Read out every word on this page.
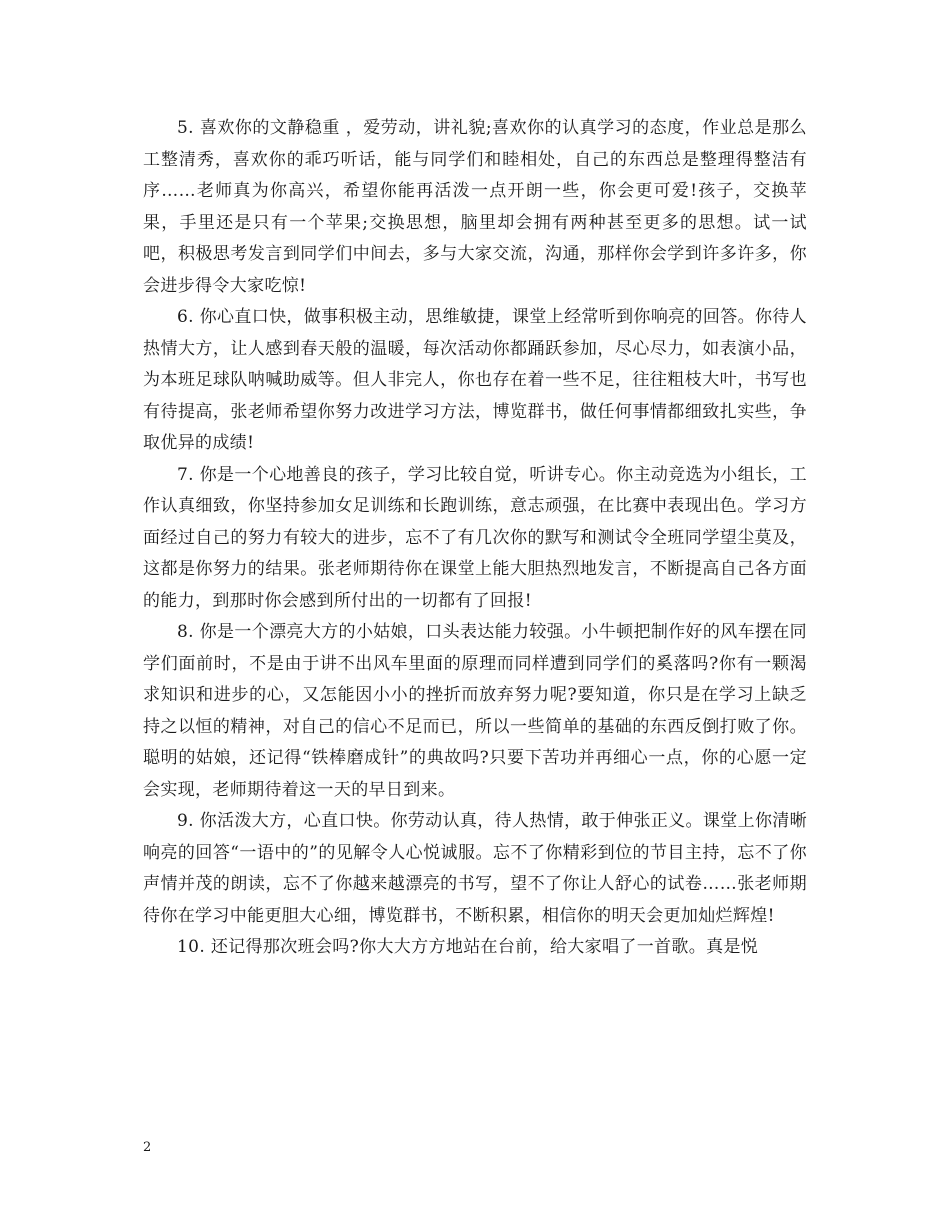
5. 喜欢你的文静稳重 ，爱劳动，讲礼貌;喜欢你的认真学习的态度，作业总是那么工整清秀，喜欢你的乖巧听话，能与同学们和睦相处，自己的东西总是整理得整洁有序……老师真为你高兴，希望你能再活泼一点开朗一些，你会更可爱!孩子，交换苹果，手里还是只有一个苹果;交换思想，脑里却会拥有两种甚至更多的思想。试一试吧，积极思考发言到同学们中间去，多与大家交流，沟通，那样你会学到许多许多，你会进步得令大家吃惊!

6. 你心直口快，做事积极主动，思维敏捷，课堂上经常听到你响亮的回答。你待人热情大方，让人感到春天般的温暖，每次活动你都踊跃参加，尽心尽力，如表演小品，为本班足球队呐喊助威等。但人非完人，你也存在着一些不足，往往粗枝大叶，书写也有待提高，张老师希望你努力改进学习方法，博览群书，做任何事情都细致扎实些，争取优异的成绩!

7. 你是一个心地善良的孩子，学习比较自觉，听讲专心。你主动竞选为小组长，工作认真细致，你坚持参加女足训练和长跑训练，意志顽强，在比赛中表现出色。学习方面经过自己的努力有较大的进步，忘不了有几次你的默写和测试令全班同学望尘莫及，这都是你努力的结果。张老师期待你在课堂上能大胆热烈地发言，不断提高自己各方面的能力，到那时你会感到所付出的一切都有了回报!

8. 你是一个漂亮大方的小姑娘，口头表达能力较强。小牛顿把制作好的风车摆在同学们面前时，不是由于讲不出风车里面的原理而同样遭到同学们的奚落吗?你有一颗渴求知识和进步的心，又怎能因小小的挫折而放弃努力呢?要知道，你只是在学习上缺乏持之以恒的精神，对自己的信心不足而已，所以一些简单的基础的东西反倒打败了你。聪明的姑娘，还记得“铁棒磨成针”的典故吗?只要下苦功并再细心一点，你的心愿一定会实现，老师期待着这一天的早日到来。

9. 你活泼大方，心直口快。你劳动认真，待人热情，敢于伸张正义。课堂上你清晰响亮的回答“一语中的”的见解令人心悦诚服。忘不了你精彩到位的节目主持，忘不了你声情并茂的朗读，忘不了你越来越漂亮的书写，望不了你让人舒心的试卷……张老师期待你在学习中能更胆大心细，博览群书，不断积累，相信你的明天会更加灿烂辉煌!

10. 还记得那次班会吗?你大大方方地站在台前，给大家唱了一首歌。真是悦

2
